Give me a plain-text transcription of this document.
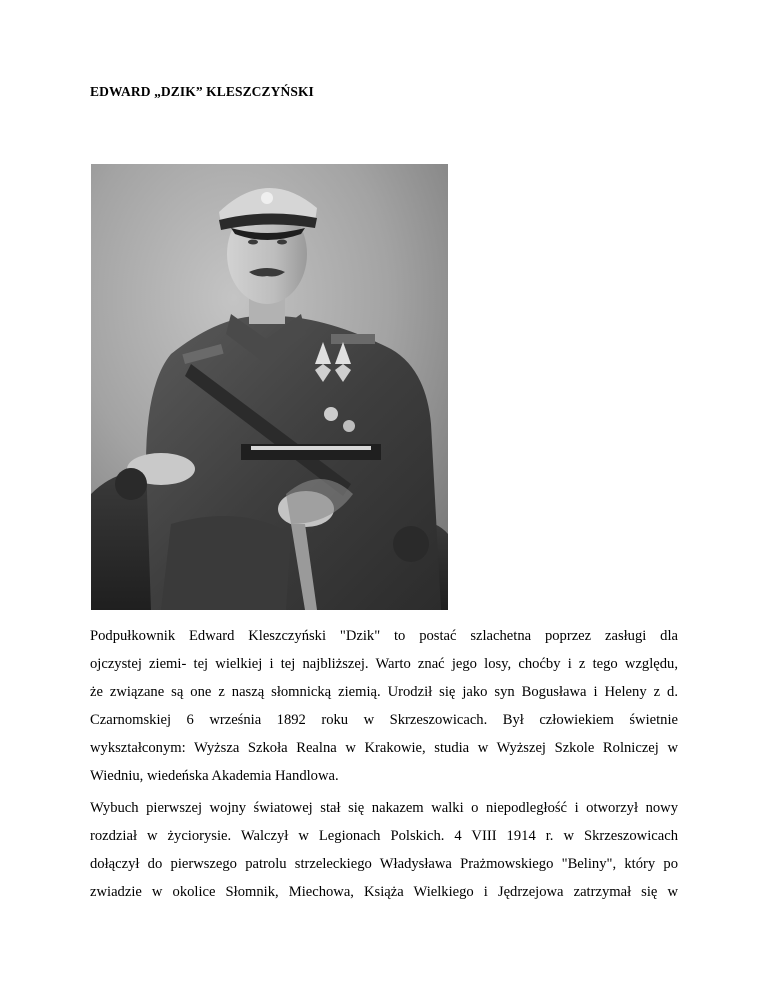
EDWARD „DZIK” KLESZCZYŃSKI
Podpułkownik Edward Kleszczyński "Dzik" to postać szlachetna poprzez zasługi dla
ojczystej ziemi- tej wielkiej i tej najbliższej. Warto znać jego losy, choćby i z tego względu,
że związane są one z naszą słomnicką ziemią. Urodził się jako syn Bogusława i Heleny z d.
Czarnomskiej 6 września 1892 roku w Skrzeszowicach. Był człowiekiem świetnie
wykształconym: Wyższa Szkoła Realna w Krakowie, studia w Wyższej Szkole Rolniczej w
Wiedniu, wiedeńska Akademia Handlowa.
Wybuch pierwszej wojny światowej stał się nakazem walki o niepodległość i otworzył nowy
rozdział w życiorysie. Walczył w Legionach Polskich. 4 VIII 1914 r. w Skrzeszowicach
dołączył do pierwszego patrolu strzeleckiego Władysława Prażmowskiego "Beliny", który po
zwiadzie w okolice Słomnik, Miechowa, Książa Wielkiego i Jędrzejowa zatrzymał się w
